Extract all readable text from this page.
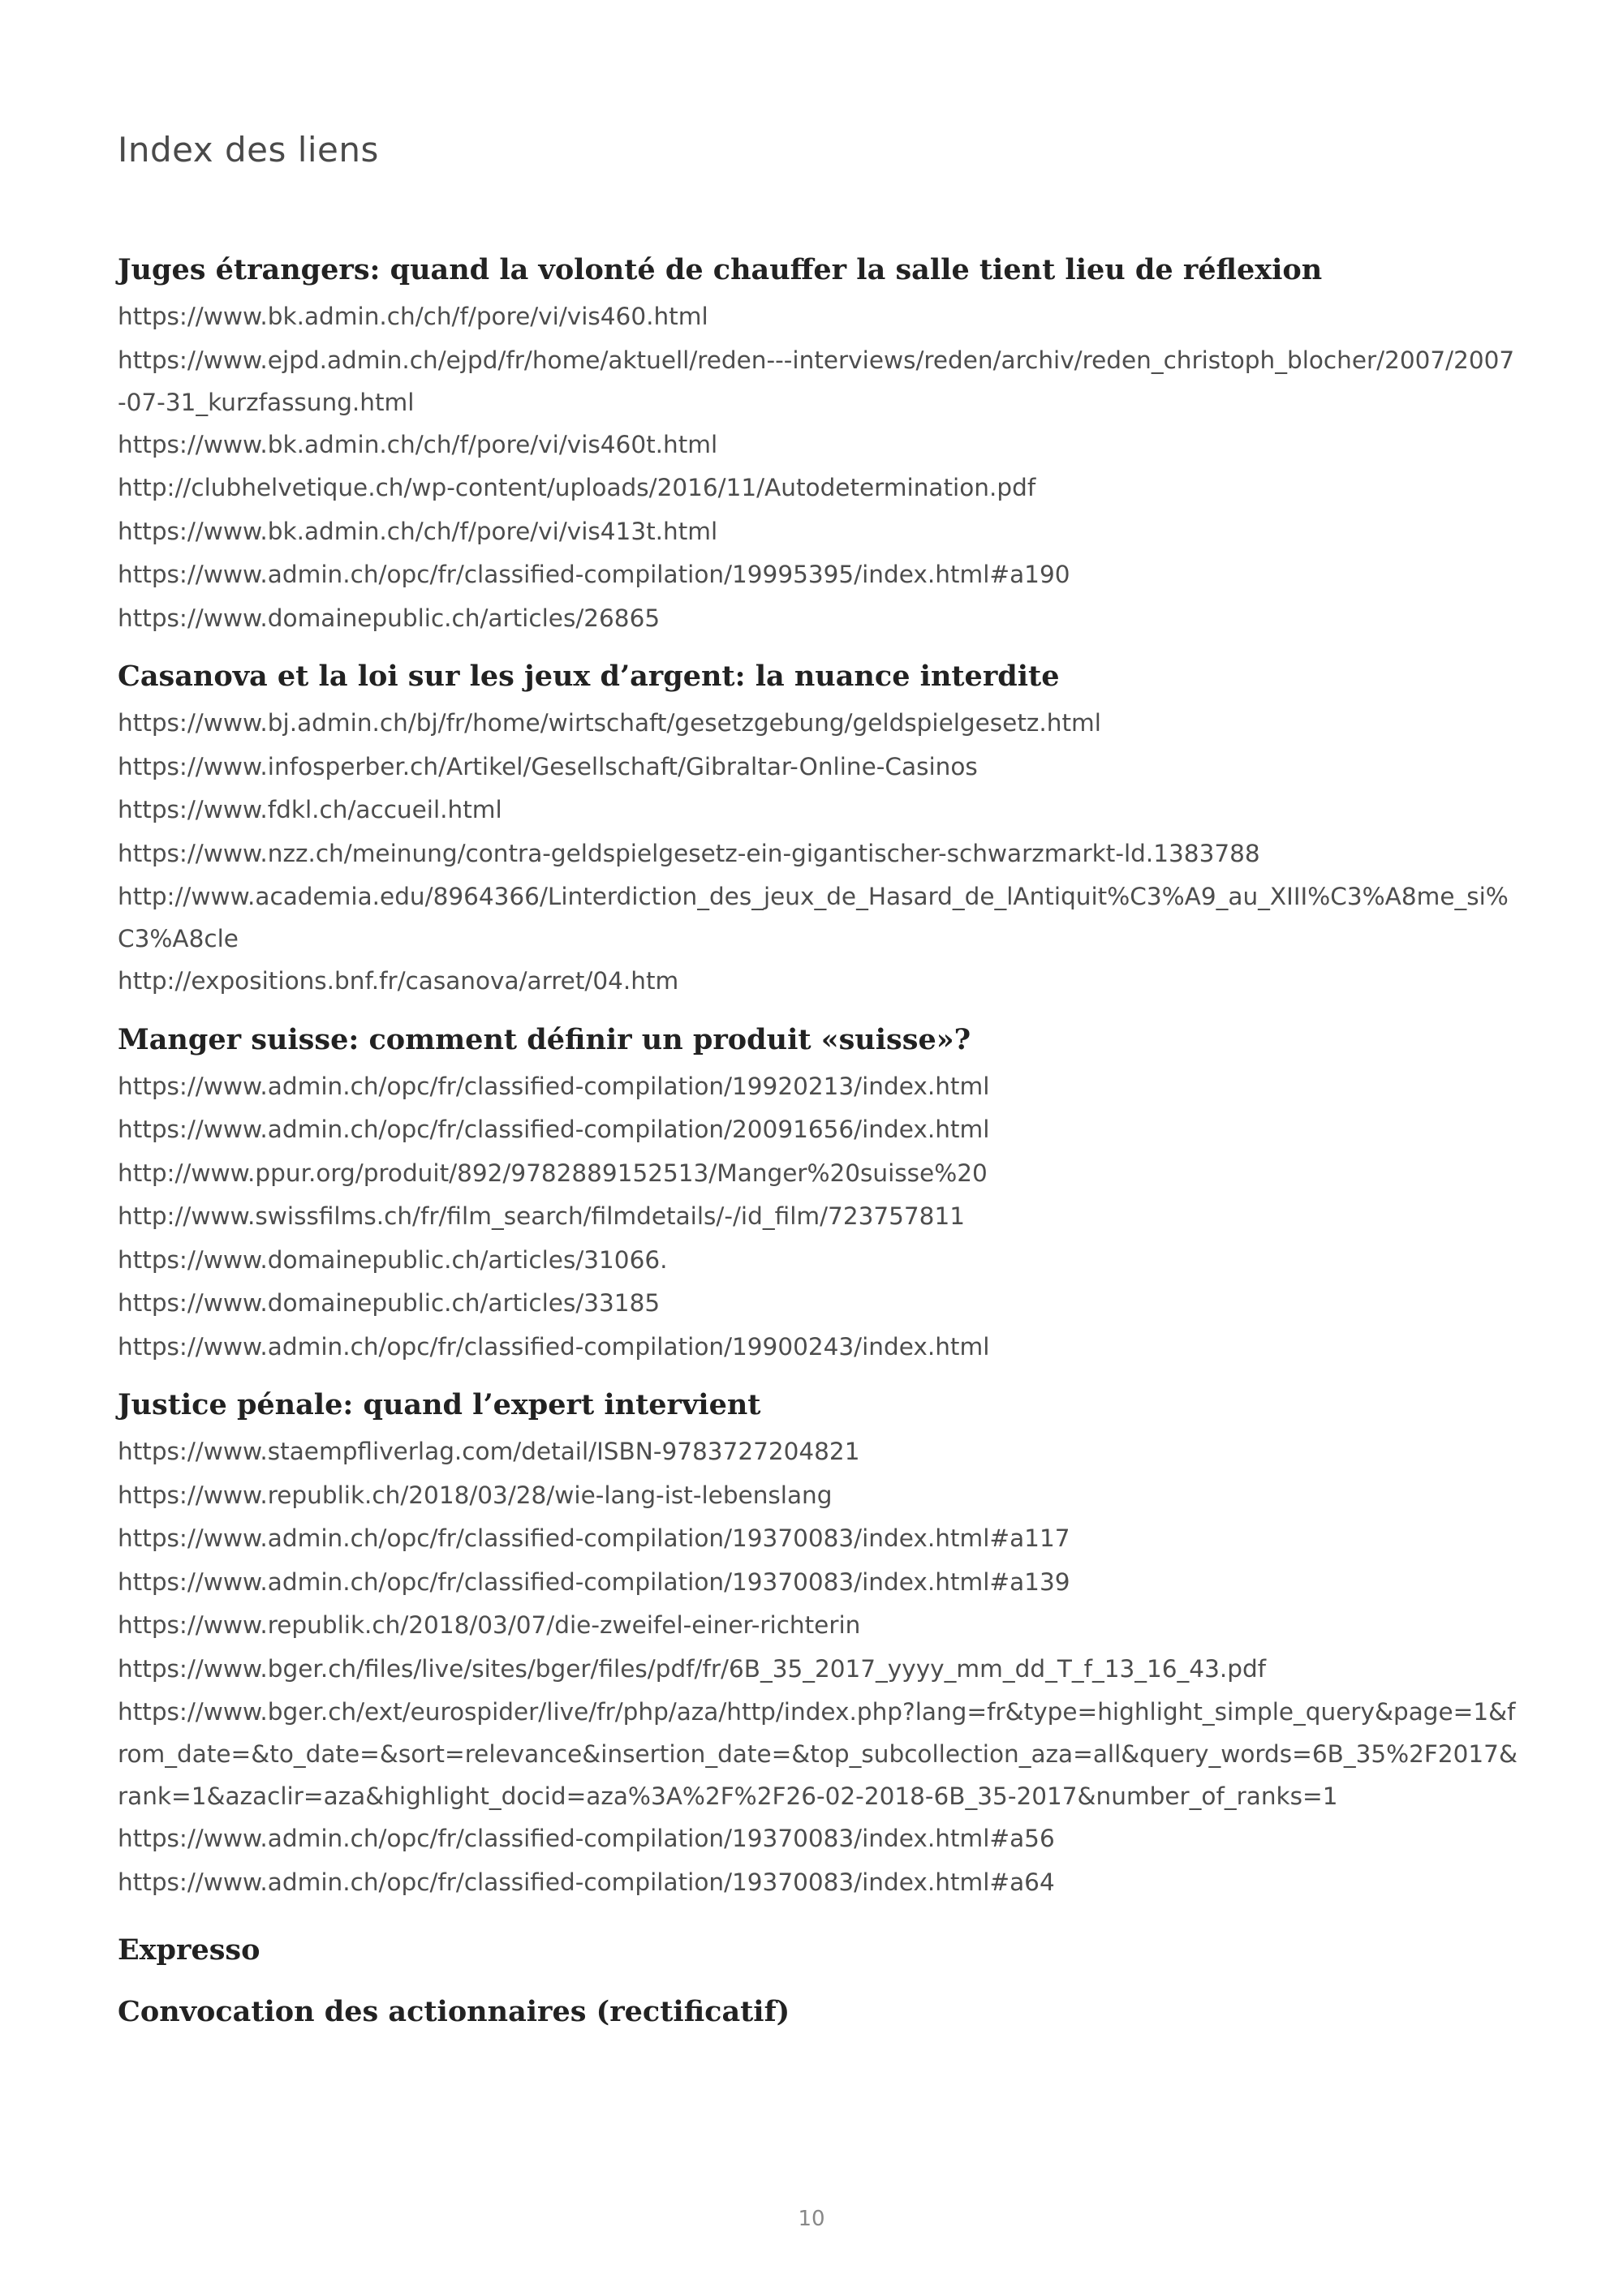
Index des liens
Juges étrangers: quand la volonté de chauffer la salle tient lieu de réflexion
https://www.bk.admin.ch/ch/f/pore/vi/vis460.html
https://www.ejpd.admin.ch/ejpd/fr/home/aktuell/reden---interviews/reden/archiv/reden_christoph_blocher/2007/2007-07-31_kurzfassung.html
https://www.bk.admin.ch/ch/f/pore/vi/vis460t.html
http://clubhelvetique.ch/wp-content/uploads/2016/11/Autodetermination.pdf
https://www.bk.admin.ch/ch/f/pore/vi/vis413t.html
https://www.admin.ch/opc/fr/classified-compilation/19995395/index.html#a190
https://www.domainepublic.ch/articles/26865
Casanova et la loi sur les jeux d’argent: la nuance interdite
https://www.bj.admin.ch/bj/fr/home/wirtschaft/gesetzgebung/geldspielgesetz.html
https://www.infosperber.ch/Artikel/Gesellschaft/Gibraltar-Online-Casinos
https://www.fdkl.ch/accueil.html
https://www.nzz.ch/meinung/contra-geldspielgesetz-ein-gigantischer-schwarzmarkt-ld.1383788
http://www.academia.edu/8964366/Linterdiction_des_jeux_de_Hasard_de_lAntiquit%C3%A9_au_XIII%C3%A8me_si%C3%A8cle
http://expositions.bnf.fr/casanova/arret/04.htm
Manger suisse: comment définir un produit «suisse»?
https://www.admin.ch/opc/fr/classified-compilation/19920213/index.html
https://www.admin.ch/opc/fr/classified-compilation/20091656/index.html
http://www.ppur.org/produit/892/9782889152513/Manger%20suisse%20
http://www.swissfilms.ch/fr/film_search/filmdetails/-/id_film/723757811
https://www.domainepublic.ch/articles/31066.
https://www.domainepublic.ch/articles/33185
https://www.admin.ch/opc/fr/classified-compilation/19900243/index.html
Justice pénale: quand l’expert intervient
https://www.staempfliverlag.com/detail/ISBN-9783727204821
https://www.republik.ch/2018/03/28/wie-lang-ist-lebenslang
https://www.admin.ch/opc/fr/classified-compilation/19370083/index.html#a117
https://www.admin.ch/opc/fr/classified-compilation/19370083/index.html#a139
https://www.republik.ch/2018/03/07/die-zweifel-einer-richterin
https://www.bger.ch/files/live/sites/bger/files/pdf/fr/6B_35_2017_yyyy_mm_dd_T_f_13_16_43.pdf
https://www.bger.ch/ext/eurospider/live/fr/php/aza/http/index.php?lang=fr&type=highlight_simple_query&page=1&from_date=&to_date=&sort=relevance&insertion_date=&top_subcollection_aza=all&query_words=6B_35%2F2017&rank=1&azaclir=aza&highlight_docid=aza%3A%2F%2F26-02-2018-6B_35-2017&number_of_ranks=1
https://www.admin.ch/opc/fr/classified-compilation/19370083/index.html#a56
https://www.admin.ch/opc/fr/classified-compilation/19370083/index.html#a64
Expresso
Convocation des actionnaires (rectificatif)
10
